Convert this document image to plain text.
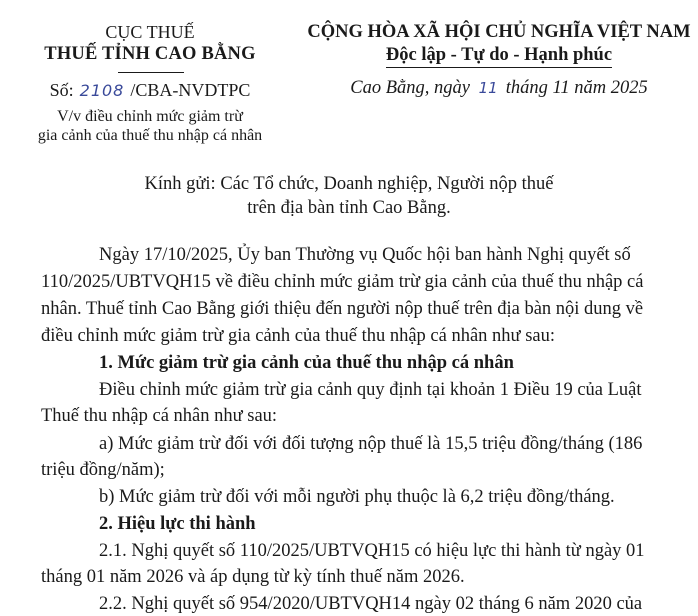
CỤC THUẾ
THUẾ TỈNH CAO BẰNG
Số: 2108 /CBA-NVDTPC
V/v điều chỉnh mức giảm trừ
gia cảnh của thuế thu nhập cá nhân
CỘNG HÒA XÃ HỘI CHỦ NGHĨA VIỆT NAM
Độc lập - Tự do - Hạnh phúc
Cao Bằng, ngày 11 tháng 11 năm 2025
Kính gửi: Các Tổ chức, Doanh nghiệp, Người nộp thuế
trên địa bàn tỉnh Cao Bằng.
Ngày 17/10/2025, Ủy ban Thường vụ Quốc hội ban hành Nghị quyết số
110/2025/UBTVQH15 về điều chỉnh mức giảm trừ gia cảnh của thuế thu nhập cá
nhân. Thuế tỉnh Cao Bằng giới thiệu đến người nộp thuế trên địa bàn nội dung về
điều chỉnh mức giảm trừ gia cảnh của thuế thu nhập cá nhân như sau:
1. Mức giảm trừ gia cảnh của thuế thu nhập cá nhân
Điều chỉnh mức giảm trừ gia cảnh quy định tại khoản 1 Điều 19 của Luật
Thuế thu nhập cá nhân như sau:
a) Mức giảm trừ đối với đối tượng nộp thuế là 15,5 triệu đồng/tháng (186
triệu đồng/năm);
b) Mức giảm trừ đối với mỗi người phụ thuộc là 6,2 triệu đồng/tháng.
2. Hiệu lực thi hành
2.1. Nghị quyết số 110/2025/UBTVQH15 có hiệu lực thi hành từ ngày 01
tháng 01 năm 2026 và áp dụng từ kỳ tính thuế năm 2026.
2.2. Nghị quyết số 954/2020/UBTVQH14 ngày 02 tháng 6 năm 2020 của
